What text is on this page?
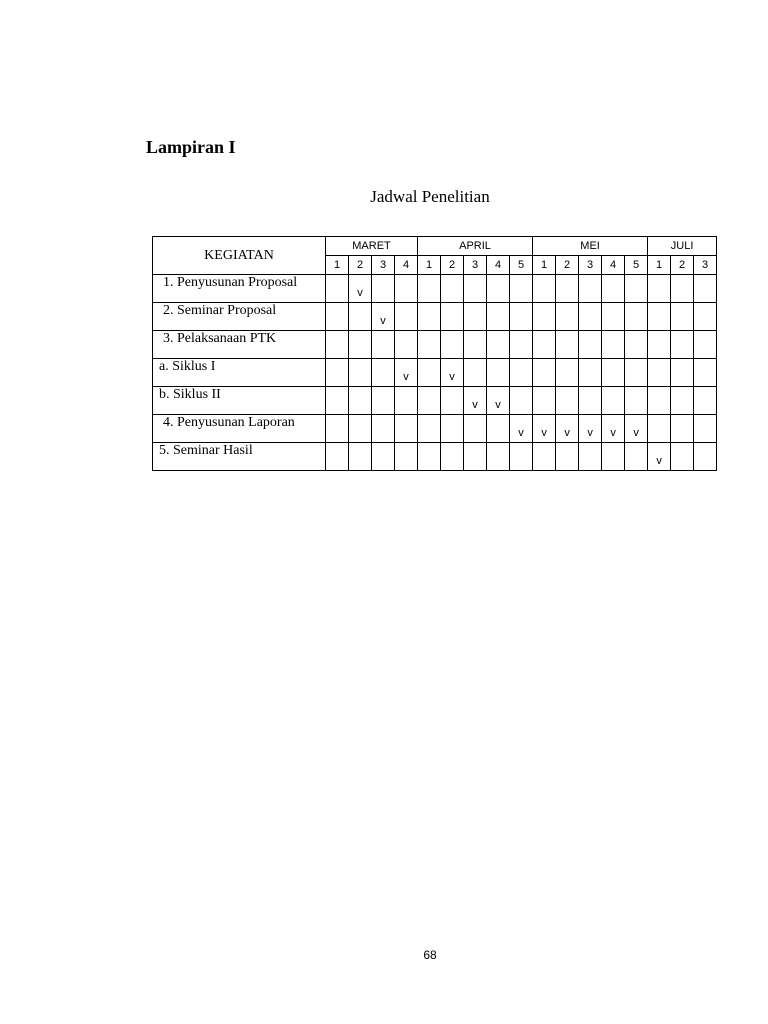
Lampiran I
Jadwal Penelitian
KEGIATAN	MARET				APRIL					MEI					JULI		
	1	2	3	4	1	2	3	4	5	1	2	3	4	5	1	2	3
1. Penyusunan Proposal		v															
2. Seminar Proposal			v														
3. Pelaksanaan PTK																	
a. Siklus I				v		v											
b. Siklus II							v	v									
4. Penyusunan Laporan									v	v	v	v	v	v			
5. Seminar Hasil															v		
68
